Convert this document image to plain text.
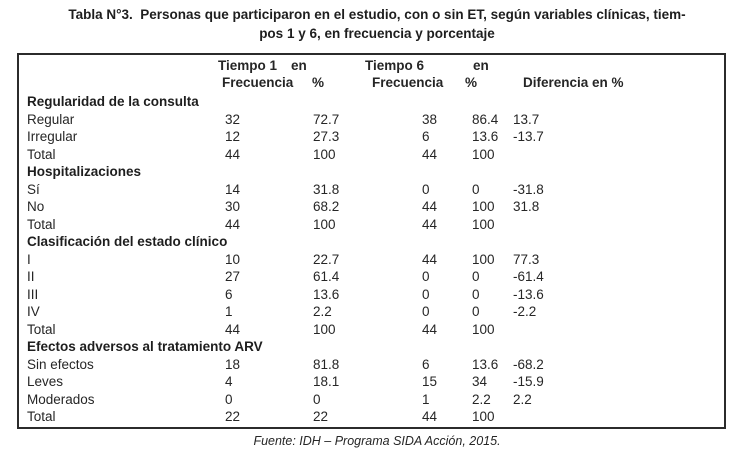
Tabla N°3.  Personas que participaron en el estudio, con o sin ET, según variables clínicas, tiem-
pos 1 y 6, en frecuencia y porcentaje
Tiempo 1 en	Tiempo 6	en
Frecuencia %	Frecuencia %	Diferencia en %
Regularidad de la consulta
Regular	32	72.7	38	86.4	13.7
Irregular	12	27.3	6	13.6	-13.7
Total	44	100	44	100
Hospitalizaciones
Sí	14	31.8	0	0	-31.8
No	30	68.2	44	100	31.8
Total	44	100	44	100
Clasificación del estado clínico
I	10	22.7	44	100	77.3
II	27	61.4	0	0	-61.4
III	6	13.6	0	0	-13.6
IV	1	2.2	0	0	-2.2
Total	44	100	44	100
Efectos adversos al tratamiento ARV
Sin efectos	18	81.8	6	13.6	-68.2
Leves	4	18.1	15	34	-15.9
Moderados	0	0	1	2.2	2.2
Total	22	22	44	100
Fuente: IDH – Programa SIDA Acción, 2015.
